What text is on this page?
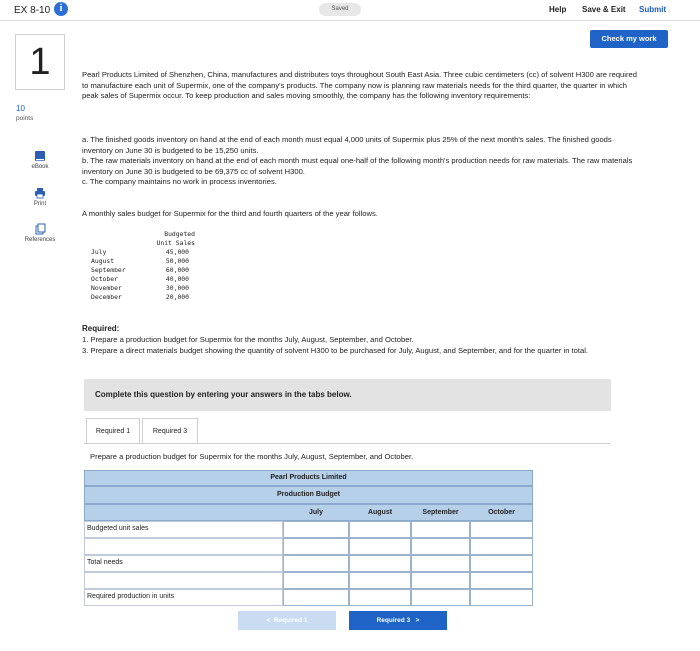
EX 8-10 i	Saved	Help Save & Exit Submit
Check my work
1
10
points
eBook
Print
References
Pearl Products Limited of Shenzhen, China, manufactures and distributes toys throughout South East Asia. Three cubic centimeters (cc) of solvent H300 are required to manufacture each unit of Supermix, one of the company's products. The company now is planning raw materials needs for the third quarter, the quarter in which peak sales of Supermix occur. To keep production and sales moving smoothly, the company has the following inventory requirements:
a. The finished goods inventory on hand at the end of each month must equal 4,000 units of Supermix plus 25% of the next month's sales. The finished goods inventory on June 30 is budgeted to be 15,250 units.
b. The raw materials inventory on hand at the end of each month must equal one-half of the following month's production needs for raw materials. The raw materials inventory on June 30 is budgeted to be 69,375 cc of solvent H300.
c. The company maintains no work in process inventories.
A monthly sales budget for Supermix for the third and fourth quarters of the year follows.
Budgeted
Unit Sales
July	45,000
August	50,000
September	60,000
October	40,000
November	30,000
December	20,000
Required:
1. Prepare a production budget for Supermix for the months July, August, September, and October.
3. Prepare a direct materials budget showing the quantity of solvent H300 to be purchased for July, August, and September, and for the quarter in total.
Complete this question by entering your answers in the tabs below.
Required 1	Required 3
Prepare a production budget for Supermix for the months July, August, September, and October.
Pearl Products Limited
Production Budget
July	August	September	October
Budgeted unit sales
Total needs
Required production in units
< Required 1	Required 3 >
